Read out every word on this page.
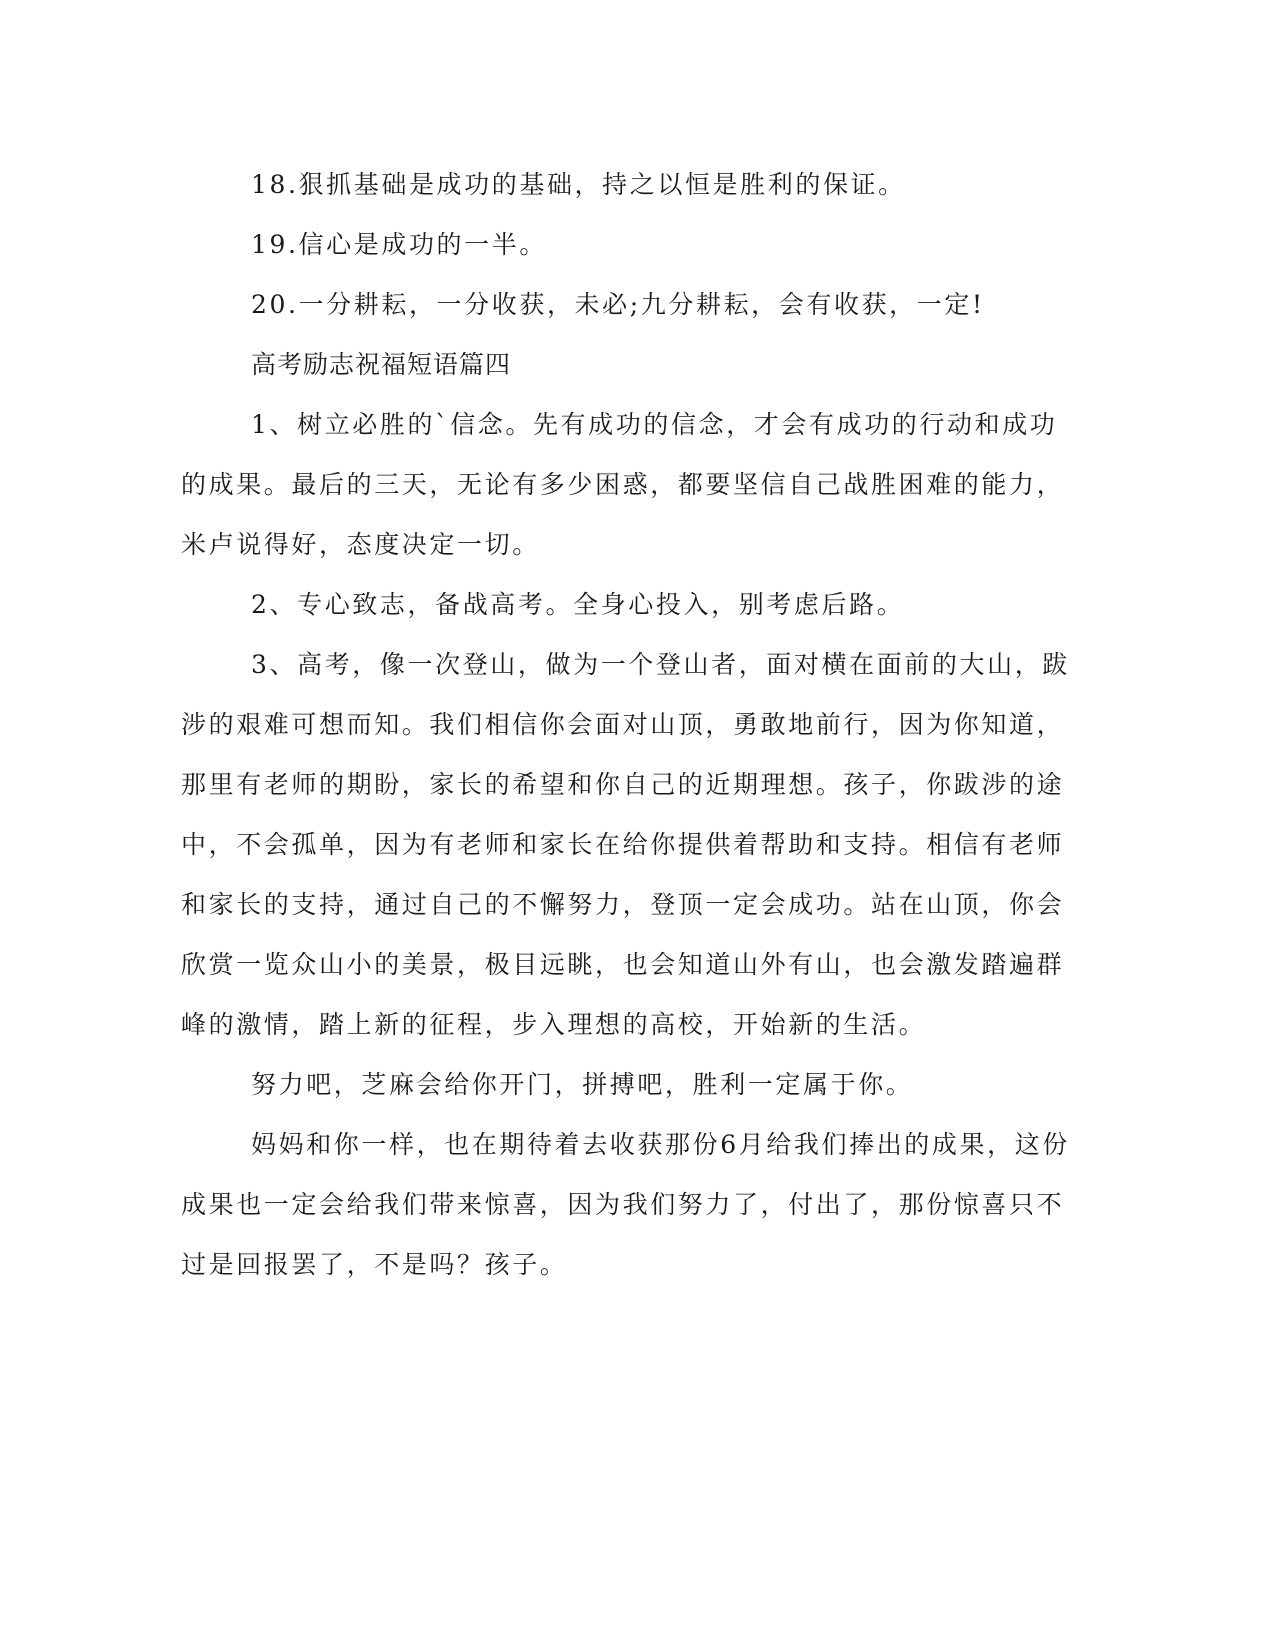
18.狠抓基础是成功的基础，持之以恒是胜利的保证。

19.信心是成功的一半。

20.一分耕耘，一分收获，未必;九分耕耘，会有收获，一定!

高考励志祝福短语篇四

1、树立必胜的`信念。先有成功的信念，才会有成功的行动和成功的成果。最后的三天，无论有多少困惑，都要坚信自己战胜困难的能力，米卢说得好，态度决定一切。

2、专心致志，备战高考。全身心投入，别考虑后路。

3、高考，像一次登山，做为一个登山者，面对横在面前的大山，跋涉的艰难可想而知。我们相信你会面对山顶，勇敢地前行，因为你知道，那里有老师的期盼，家长的希望和你自己的近期理想。孩子，你跋涉的途中，不会孤单，因为有老师和家长在给你提供着帮助和支持。相信有老师和家长的支持，通过自己的不懈努力，登顶一定会成功。站在山顶，你会欣赏一览众山小的美景，极目远眺，也会知道山外有山，也会激发踏遍群峰的激情，踏上新的征程，步入理想的高校，开始新的生活。

努力吧，芝麻会给你开门，拼搏吧，胜利一定属于你。

妈妈和你一样，也在期待着去收获那份6月给我们捧出的成果，这份成果也一定会给我们带来惊喜，因为我们努力了，付出了，那份惊喜只不过是回报罢了，不是吗？孩子。
